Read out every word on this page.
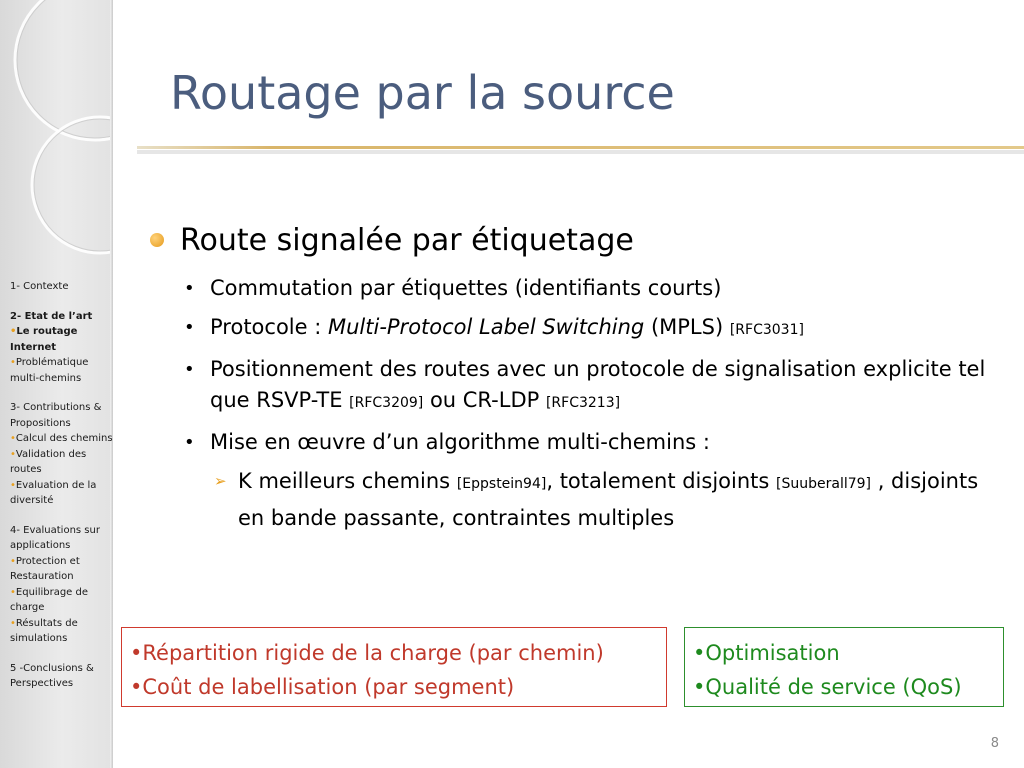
1- Contexte
2- Etat de l’art
•Le routage Internet
•Problématique multi-chemins
3- Contributions & Propositions
•Calcul des chemins
•Validation des routes
•Evaluation de la diversité
4- Evaluations sur applications
•Protection et Restauration
•Equilibrage de charge
•Résultats de simulations
5 -Conclusions & Perspectives
Routage par la source
Route signalée par étiquetage
• Commutation par étiquettes (identifiants courts)
• Protocole : Multi-Protocol Label Switching (MPLS) [RFC3031]
• Positionnement des routes avec un protocole de signalisation explicite tel que RSVP-TE [RFC3209] ou CR-LDP [RFC3213]
• Mise en œuvre d’un algorithme multi-chemins :
➢ K meilleurs chemins [Eppstein94], totalement disjoints [Suuberall79] , disjoints en bande passante, contraintes multiples
•Répartition rigide de la charge (par chemin)
•Coût de labellisation (par segment)
•Optimisation
•Qualité de service (QoS)
8
